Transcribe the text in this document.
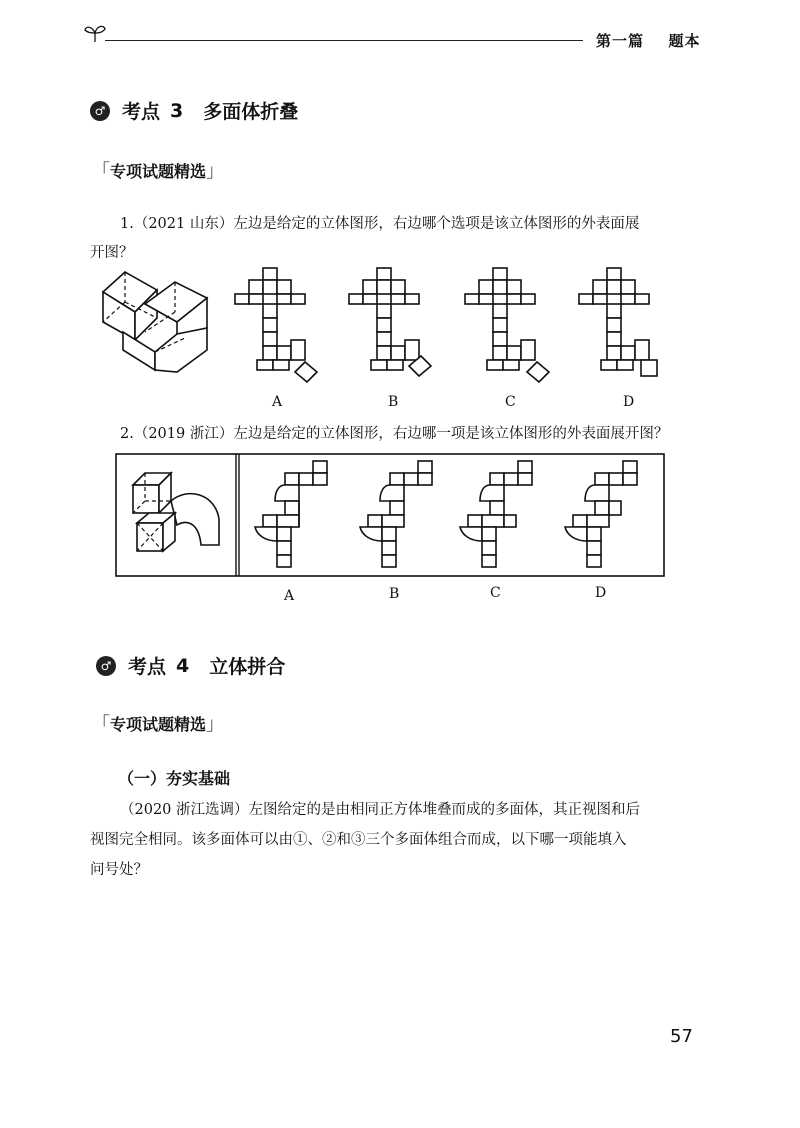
第一篇 题本
♂ 考点 3 多面体折叠
「专项试题精选」
1.（2021 山东）左边是给定的立体图形，右边哪个选项是该立体图形的外表面展
开图？
A	B	C	D
2.（2019 浙江）左边是给定的立体图形，右边哪一项是该立体图形的外表面展开图？
A	B	C	D
♂ 考点 4 立体拼合
「专项试题精选」
（一）夯实基础
（2020 浙江选调）左图给定的是由相同正方体堆叠而成的多面体，其正视图和后
视图完全相同。该多面体可以由①、②和③三个多面体组合而成，以下哪一项能填入
问号处？
57
